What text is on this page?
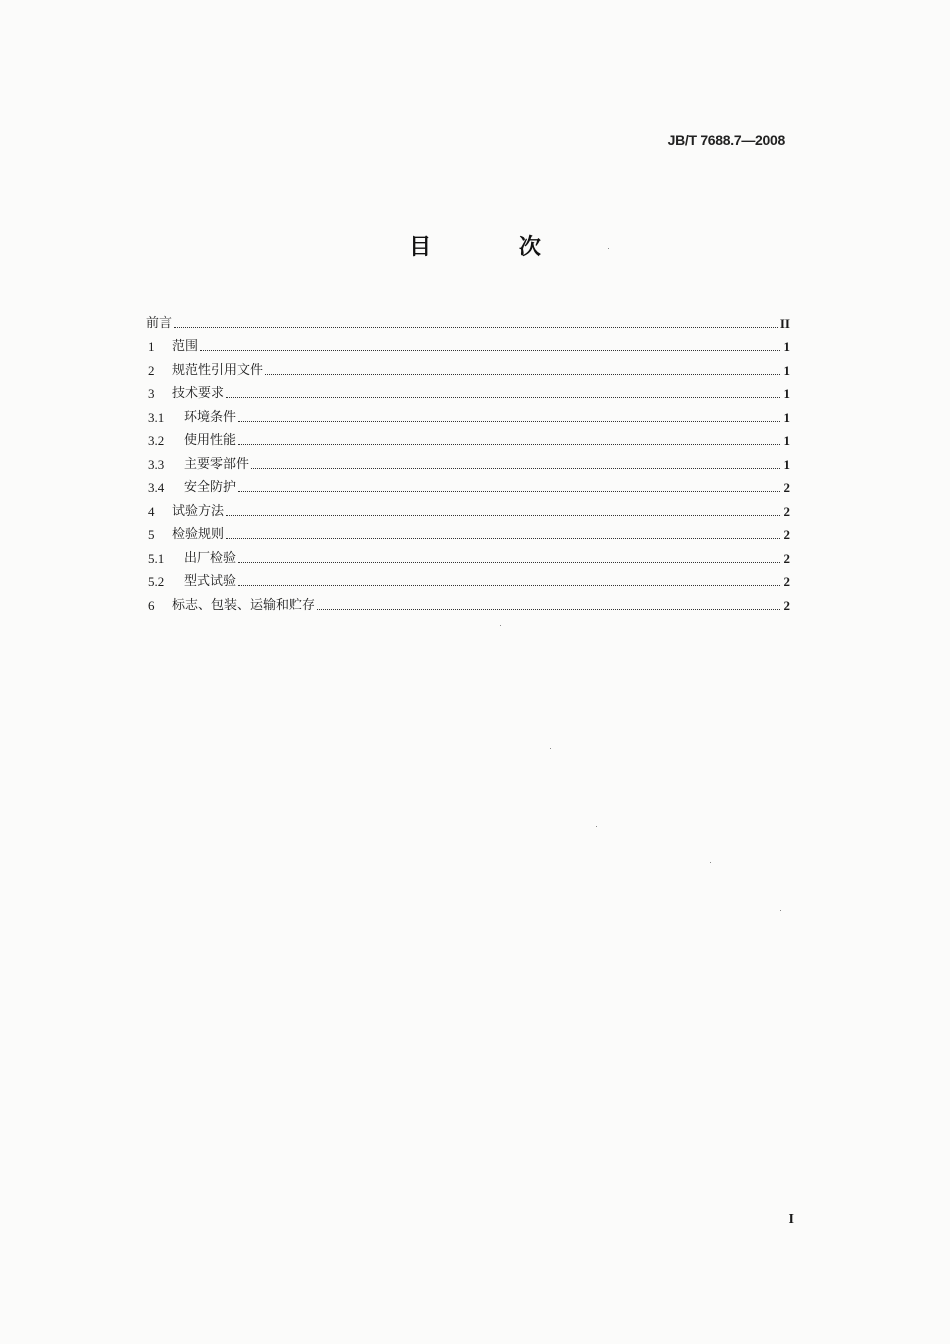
JB/T 7688.7—2008
目 次
前言	II
1	范围	1
2	规范性引用文件	1
3	技术要求	1
3.1	环境条件	1
3.2	使用性能	1
3.3	主要零部件	1
3.4	安全防护	2
4	试验方法	2
5	检验规则	2
5.1	出厂检验	2
5.2	型式试验	2
6	标志、包装、运输和贮存	2
I
